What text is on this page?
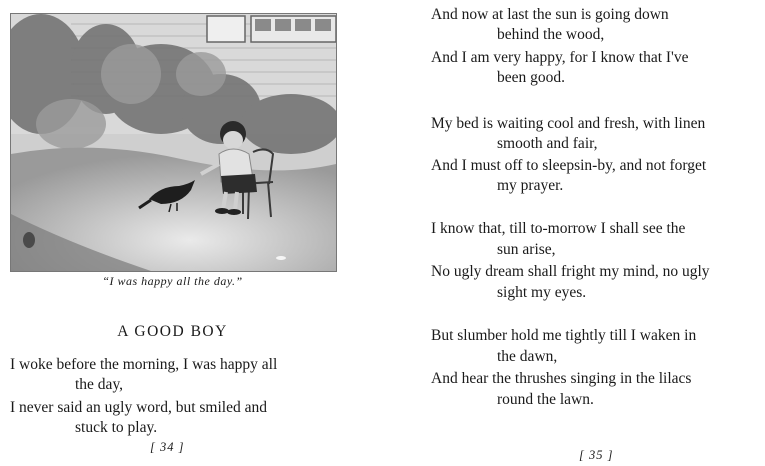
“I was happy all the day.”
A GOOD BOY
I woke before the morning, I was happy all
the day,
I never said an ugly word, but smiled and
stuck to play.
[ 34 ]
And now at last the sun is going down
behind the wood,
And I am very happy, for I know that I've
been good.
My bed is waiting cool and fresh, with linen
smooth and fair,
And I must off to sleepsin-by, and not forget
my prayer.
I know that, till to-morrow I shall see the
sun arise,
No ugly dream shall fright my mind, no ugly
sight my eyes.
But slumber hold me tightly till I waken in
the dawn,
And hear the thrushes singing in the lilacs
round the lawn.
[ 35 ]
